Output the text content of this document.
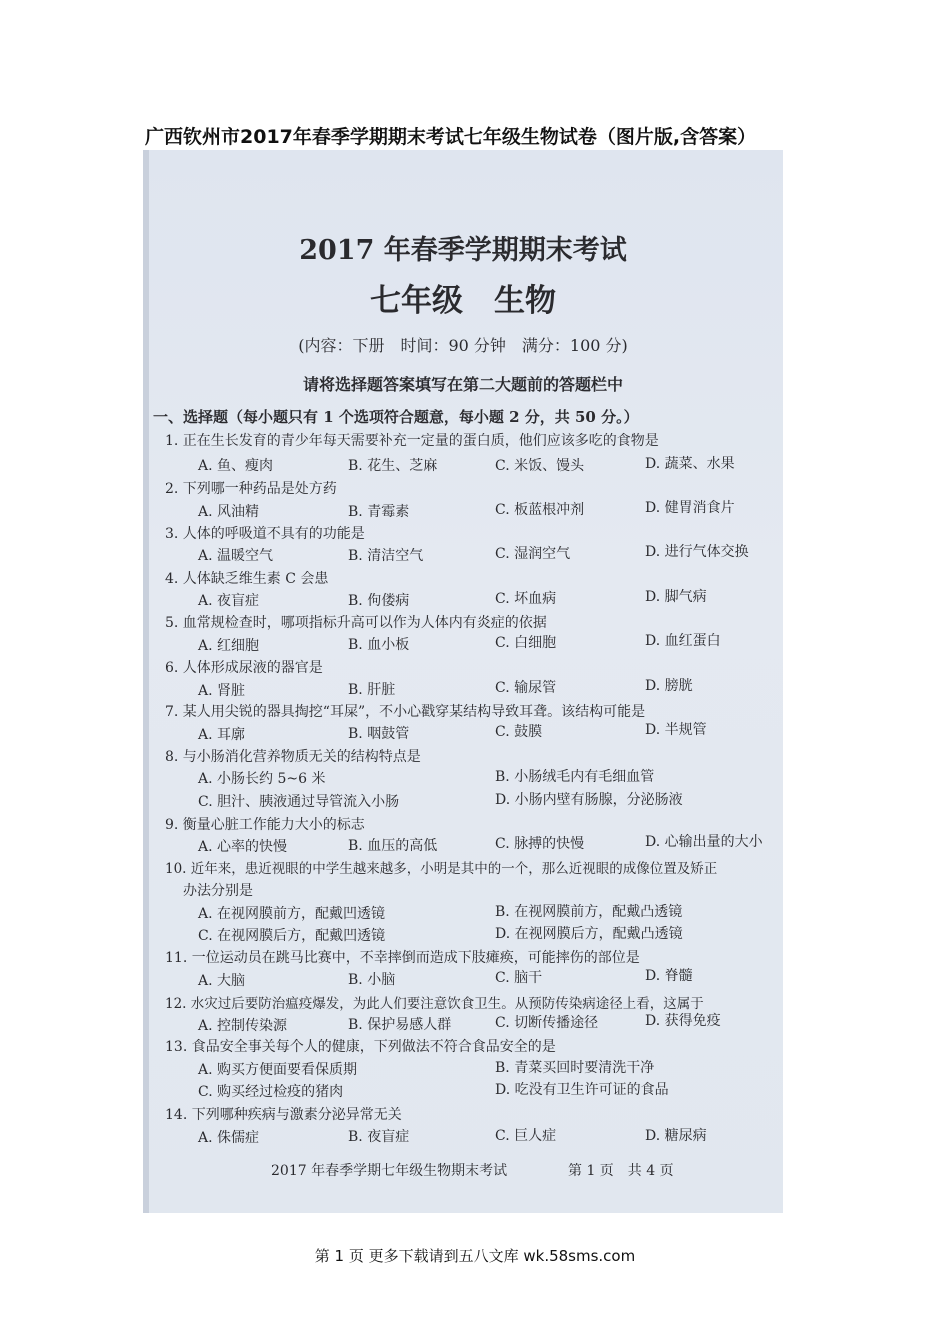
广西钦州市2017年春季学期期末考试七年级生物试卷（图片版,含答案）
2017 年春季学期期末考试
七年级　生物
(内容：下册　时间：90 分钟　满分：100 分)
请将选择题答案填写在第二大题前的答题栏中
一、选择题（每小题只有 1 个选项符合题意，每小题 2 分，共 50 分。）
1. 正在生长发育的青少年每天需要补充一定量的蛋白质，他们应该多吃的食物是
A. 鱼、瘦肉	B. 花生、芝麻	C. 米饭、馒头	D. 蔬菜、水果
2. 下列哪一种药品是处方药
A. 风油精	B. 青霉素	C. 板蓝根冲剂	D. 健胃消食片
3. 人体的呼吸道不具有的功能是
A. 温暖空气	B. 清洁空气	C. 湿润空气	D. 进行气体交换
4. 人体缺乏维生素 C 会患
A. 夜盲症	B. 佝偻病	C. 坏血病	D. 脚气病
5. 血常规检查时，哪项指标升高可以作为人体内有炎症的依据
A. 红细胞	B. 血小板	C. 白细胞	D. 血红蛋白
6. 人体形成尿液的器官是
A. 肾脏	B. 肝脏	C. 输尿管	D. 膀胱
7. 某人用尖锐的器具掏挖“耳屎”，不小心戳穿某结构导致耳聋。该结构可能是
A. 耳廓	B. 咽鼓管	C. 鼓膜	D. 半规管
8. 与小肠消化营养物质无关的结构特点是
A. 小肠长约 5~6 米	B. 小肠绒毛内有毛细血管
C. 胆汁、胰液通过导管流入小肠	D. 小肠内壁有肠腺，分泌肠液
9. 衡量心脏工作能力大小的标志
A. 心率的快慢	B. 血压的高低	C. 脉搏的快慢	D. 心输出量的大小
10. 近年来，患近视眼的中学生越来越多，小明是其中的一个，那么近视眼的成像位置及矫正
办法分别是
A. 在视网膜前方，配戴凹透镜	B. 在视网膜前方，配戴凸透镜
C. 在视网膜后方，配戴凹透镜	D. 在视网膜后方，配戴凸透镜
11. 一位运动员在跳马比赛中，不幸摔倒而造成下肢瘫痪，可能摔伤的部位是
A. 大脑	B. 小脑	C. 脑干	D. 脊髓
12. 水灾过后要防治瘟疫爆发，为此人们要注意饮食卫生。从预防传染病途径上看，这属于
A. 控制传染源	B. 保护易感人群	C. 切断传播途径	D. 获得免疫
13. 食品安全事关每个人的健康，下列做法不符合食品安全的是
A. 购买方便面要看保质期	B. 青菜买回时要清洗干净
C. 购买经过检疫的猪肉	D. 吃没有卫生许可证的食品
14. 下列哪种疾病与激素分泌异常无关
A. 侏儒症	B. 夜盲症	C. 巨人症	D. 糖尿病
2017 年春季学期七年级生物期末考试	第 1 页　共 4 页
第 1 页 更多下载请到五八文库 wk.58sms.com
